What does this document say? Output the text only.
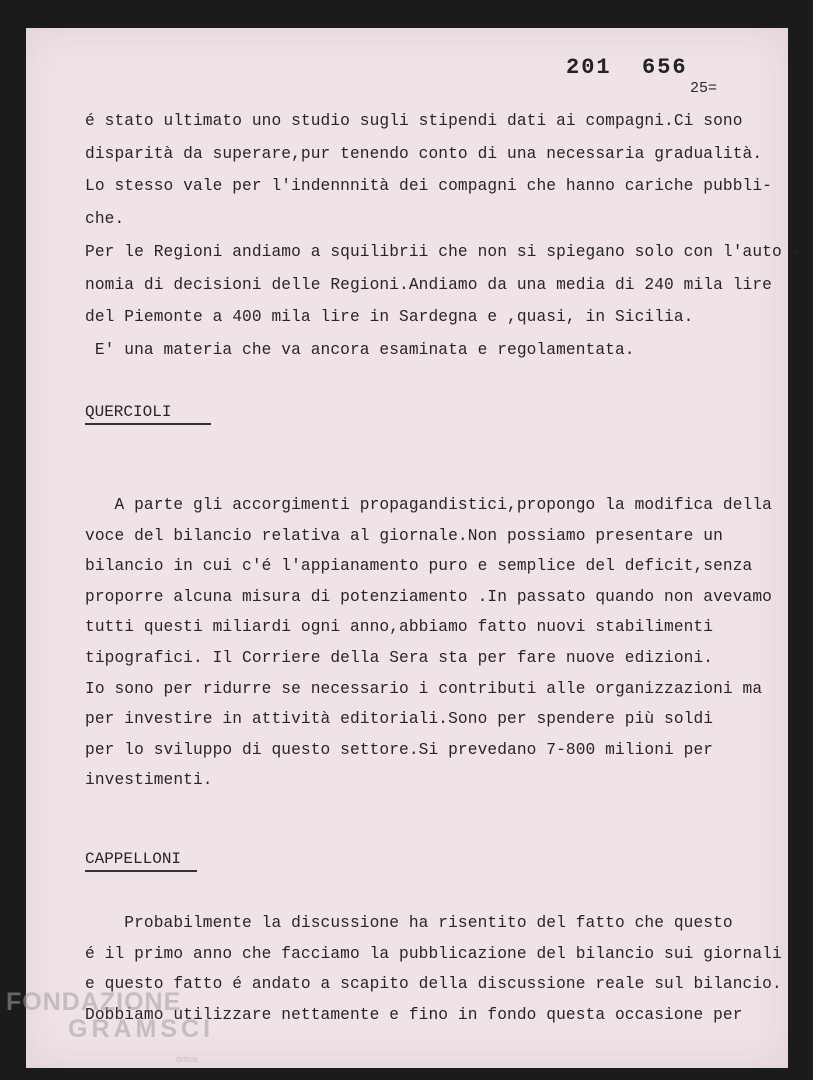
201  656
25=
é stato ultimato uno studio sugli stipendi dati ai compagni.Ci sono
disparità da superare,pur tenendo conto di una necessaria gradualità.
Lo stesso vale per l'indennnità dei compagni che hanno cariche pubbli-
che.
Per le Regioni andiamo a squilibrii che non si spiegano solo con l'auto -
nomia di decisioni delle Regioni.Andiamo da una media di 240 mila lire
del Piemonte a 400 mila lire in Sardegna e ,quasi, in Sicilia.
E' una materia che va ancora esaminata e regolamentata.
QUERCIOLI
A parte gli accorgimenti propagandistici,propongo la modifica della
voce del bilancio relativa al giornale.Non possiamo presentare un
bilancio in cui c'é l'appianamento puro e semplice del deficit,senza
proporre alcuna misura di potenziamento .In passato quando non avevamo
tutti questi miliardi ogni anno,abbiamo fatto nuovi stabilimenti
tipografici. Il Corriere della Sera sta per fare nuove edizioni.
Io sono per ridurre se necessario i contributi alle organizzazioni ma
per investire in attività editoriali.Sono per spendere più soldi
per lo sviluppo di questo settore.Si prevedano 7-800 milioni per
investimenti.
CAPPELLONI
Probabilmente la discussione ha risentito del fatto che questo
é il primo anno che facciamo la pubblicazione del bilancio sui giornali
e questo fatto é andato a scapito della discussione reale sul bilancio.
Dobbiamo utilizzare nettamente e fino in fondo questa occasione per
FONDAZIONE
GRAMSCI
onlus
